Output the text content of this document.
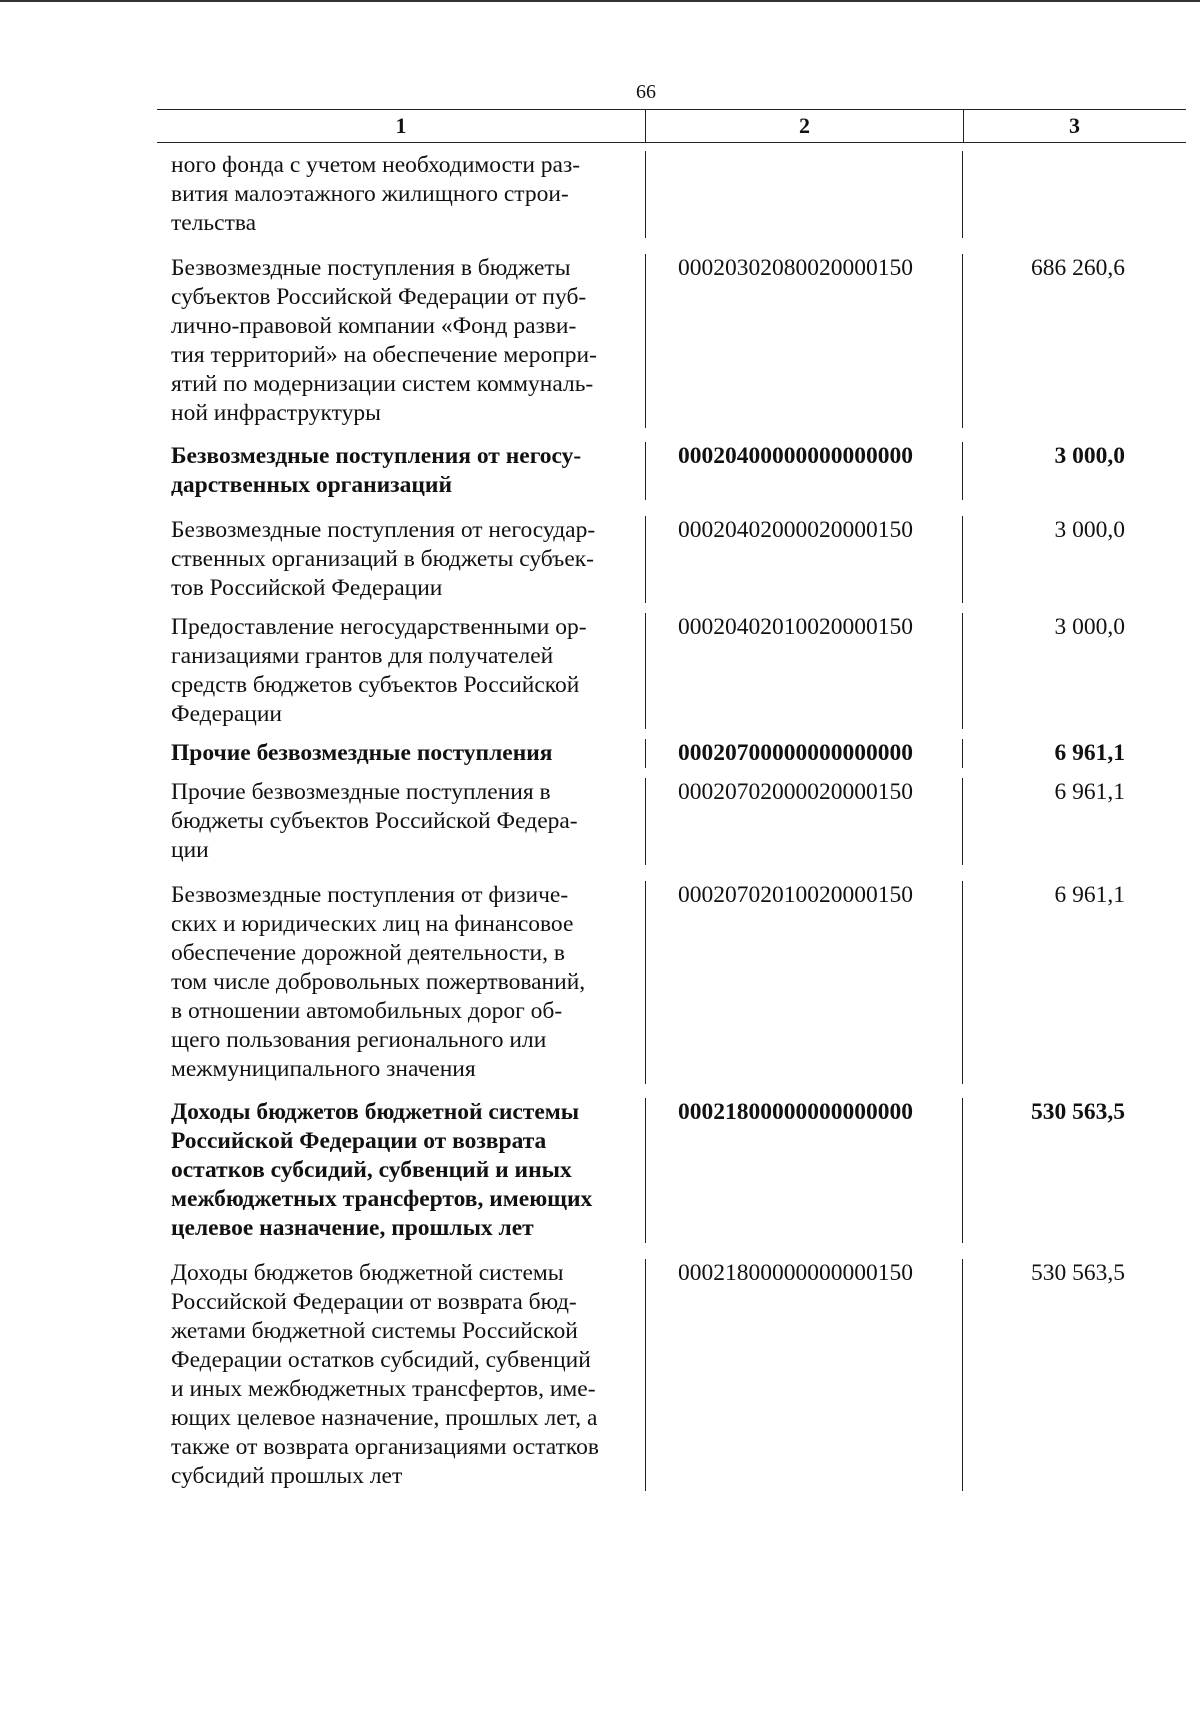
66
1	2	3
ного фонда с учетом необходимости раз-
вития малоэтажного жилищного строи-
тельства
Безвозмездные поступления в бюджеты
субъектов Российской Федерации от пуб-
лично-правовой компании «Фонд разви-
тия территорий» на обеспечение меропри-
ятий по модернизации систем коммуналь-
ной инфраструктуры
00020302080020000150	686 260,6
Безвозмездные поступления от негосу-
дарственных организаций
00020400000000000000	3 000,0
Безвозмездные поступления от негосудар-
ственных организаций в бюджеты субъек-
тов Российской Федерации
00020402000020000150	3 000,0
Предоставление негосударственными ор-
ганизациями грантов для получателей
средств бюджетов субъектов Российской
Федерации
00020402010020000150	3 000,0
Прочие безвозмездные поступления	00020700000000000000	6 961,1
Прочие безвозмездные поступления в
бюджеты субъектов Российской Федера-
ции
00020702000020000150	6 961,1
Безвозмездные поступления от физиче-
ских и юридических лиц на финансовое
обеспечение дорожной деятельности, в
том числе добровольных пожертвований,
в отношении автомобильных дорог об-
щего пользования регионального или
межмуниципального значения
00020702010020000150	6 961,1
Доходы бюджетов бюджетной системы
Российской Федерации от возврата
остатков субсидий, субвенций и иных
межбюджетных трансфертов, имеющих
целевое назначение, прошлых лет
00021800000000000000	530 563,5
Доходы бюджетов бюджетной системы
Российской Федерации от возврата бюд-
жетами бюджетной системы Российской
Федерации остатков субсидий, субвенций
и иных межбюджетных трансфертов, име-
ющих целевое назначение, прошлых лет, а
также от возврата организациями остатков
субсидий прошлых лет
00021800000000000150	530 563,5
